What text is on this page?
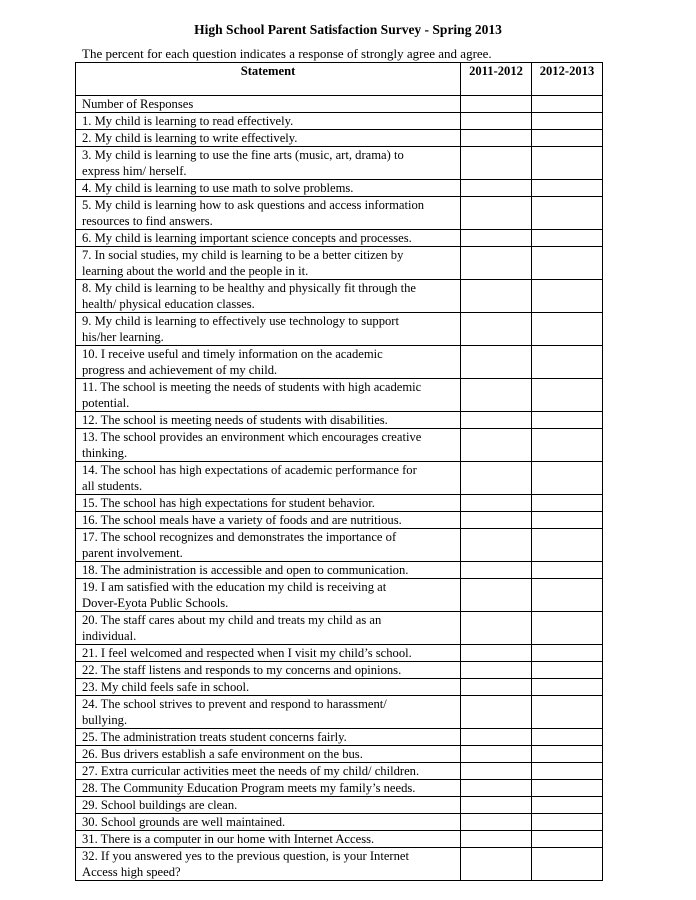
High School Parent Satisfaction Survey - Spring 2013
The percent for each question indicates a response of strongly agree and agree.
Statement	2011-2012	2012-2013

Number of Responses		

1. My child is learning to read effectively.		

2. My child is learning to write effectively.		

3. My child is learning to use the fine arts (music, art, drama) to
express him/ herself.		

4. My child is learning to use math to solve problems.		

5. My child is learning how to ask questions and access information
resources to find answers.		

6. My child is learning important science concepts and processes.		

7. In social studies, my child is learning to be a better citizen by
learning about the world and the people in it.		

8. My child is learning to be healthy and physically fit through the
health/ physical education classes.		

9. My child is learning to effectively use technology to support
his/her learning.		

10. I receive useful and timely information on the academic
progress and achievement of my child.		

11. The school is meeting the needs of students with high academic
potential.		

12. The school is meeting needs of students with disabilities.		

13. The school provides an environment which encourages creative
thinking.		

14. The school has high expectations of academic performance for
all students.		

15. The school has high expectations for student behavior.		

16. The school meals have a variety of foods and are nutritious.		

17. The school recognizes and demonstrates the importance of
parent involvement.		

18. The administration is accessible and open to communication.		

19. I am satisfied with the education my child is receiving at
Dover-Eyota Public Schools.		

20. The staff cares about my child and treats my child as an
individual.		

21. I feel welcomed and respected when I visit my child’s school.		

22. The staff listens and responds to my concerns and opinions.		

23. My child feels safe in school.		

24. The school strives to prevent and respond to harassment/
bullying.		

25. The administration treats student concerns fairly.		

26. Bus drivers establish a safe environment on the bus.		

27. Extra curricular activities meet the needs of my child/ children.		

28. The Community Education Program meets my family’s needs.		

29. School buildings are clean.		

30. School grounds are well maintained.		

31. There is a computer in our home with Internet Access.		

32. If you answered yes to the previous question, is your Internet
Access high speed?		
